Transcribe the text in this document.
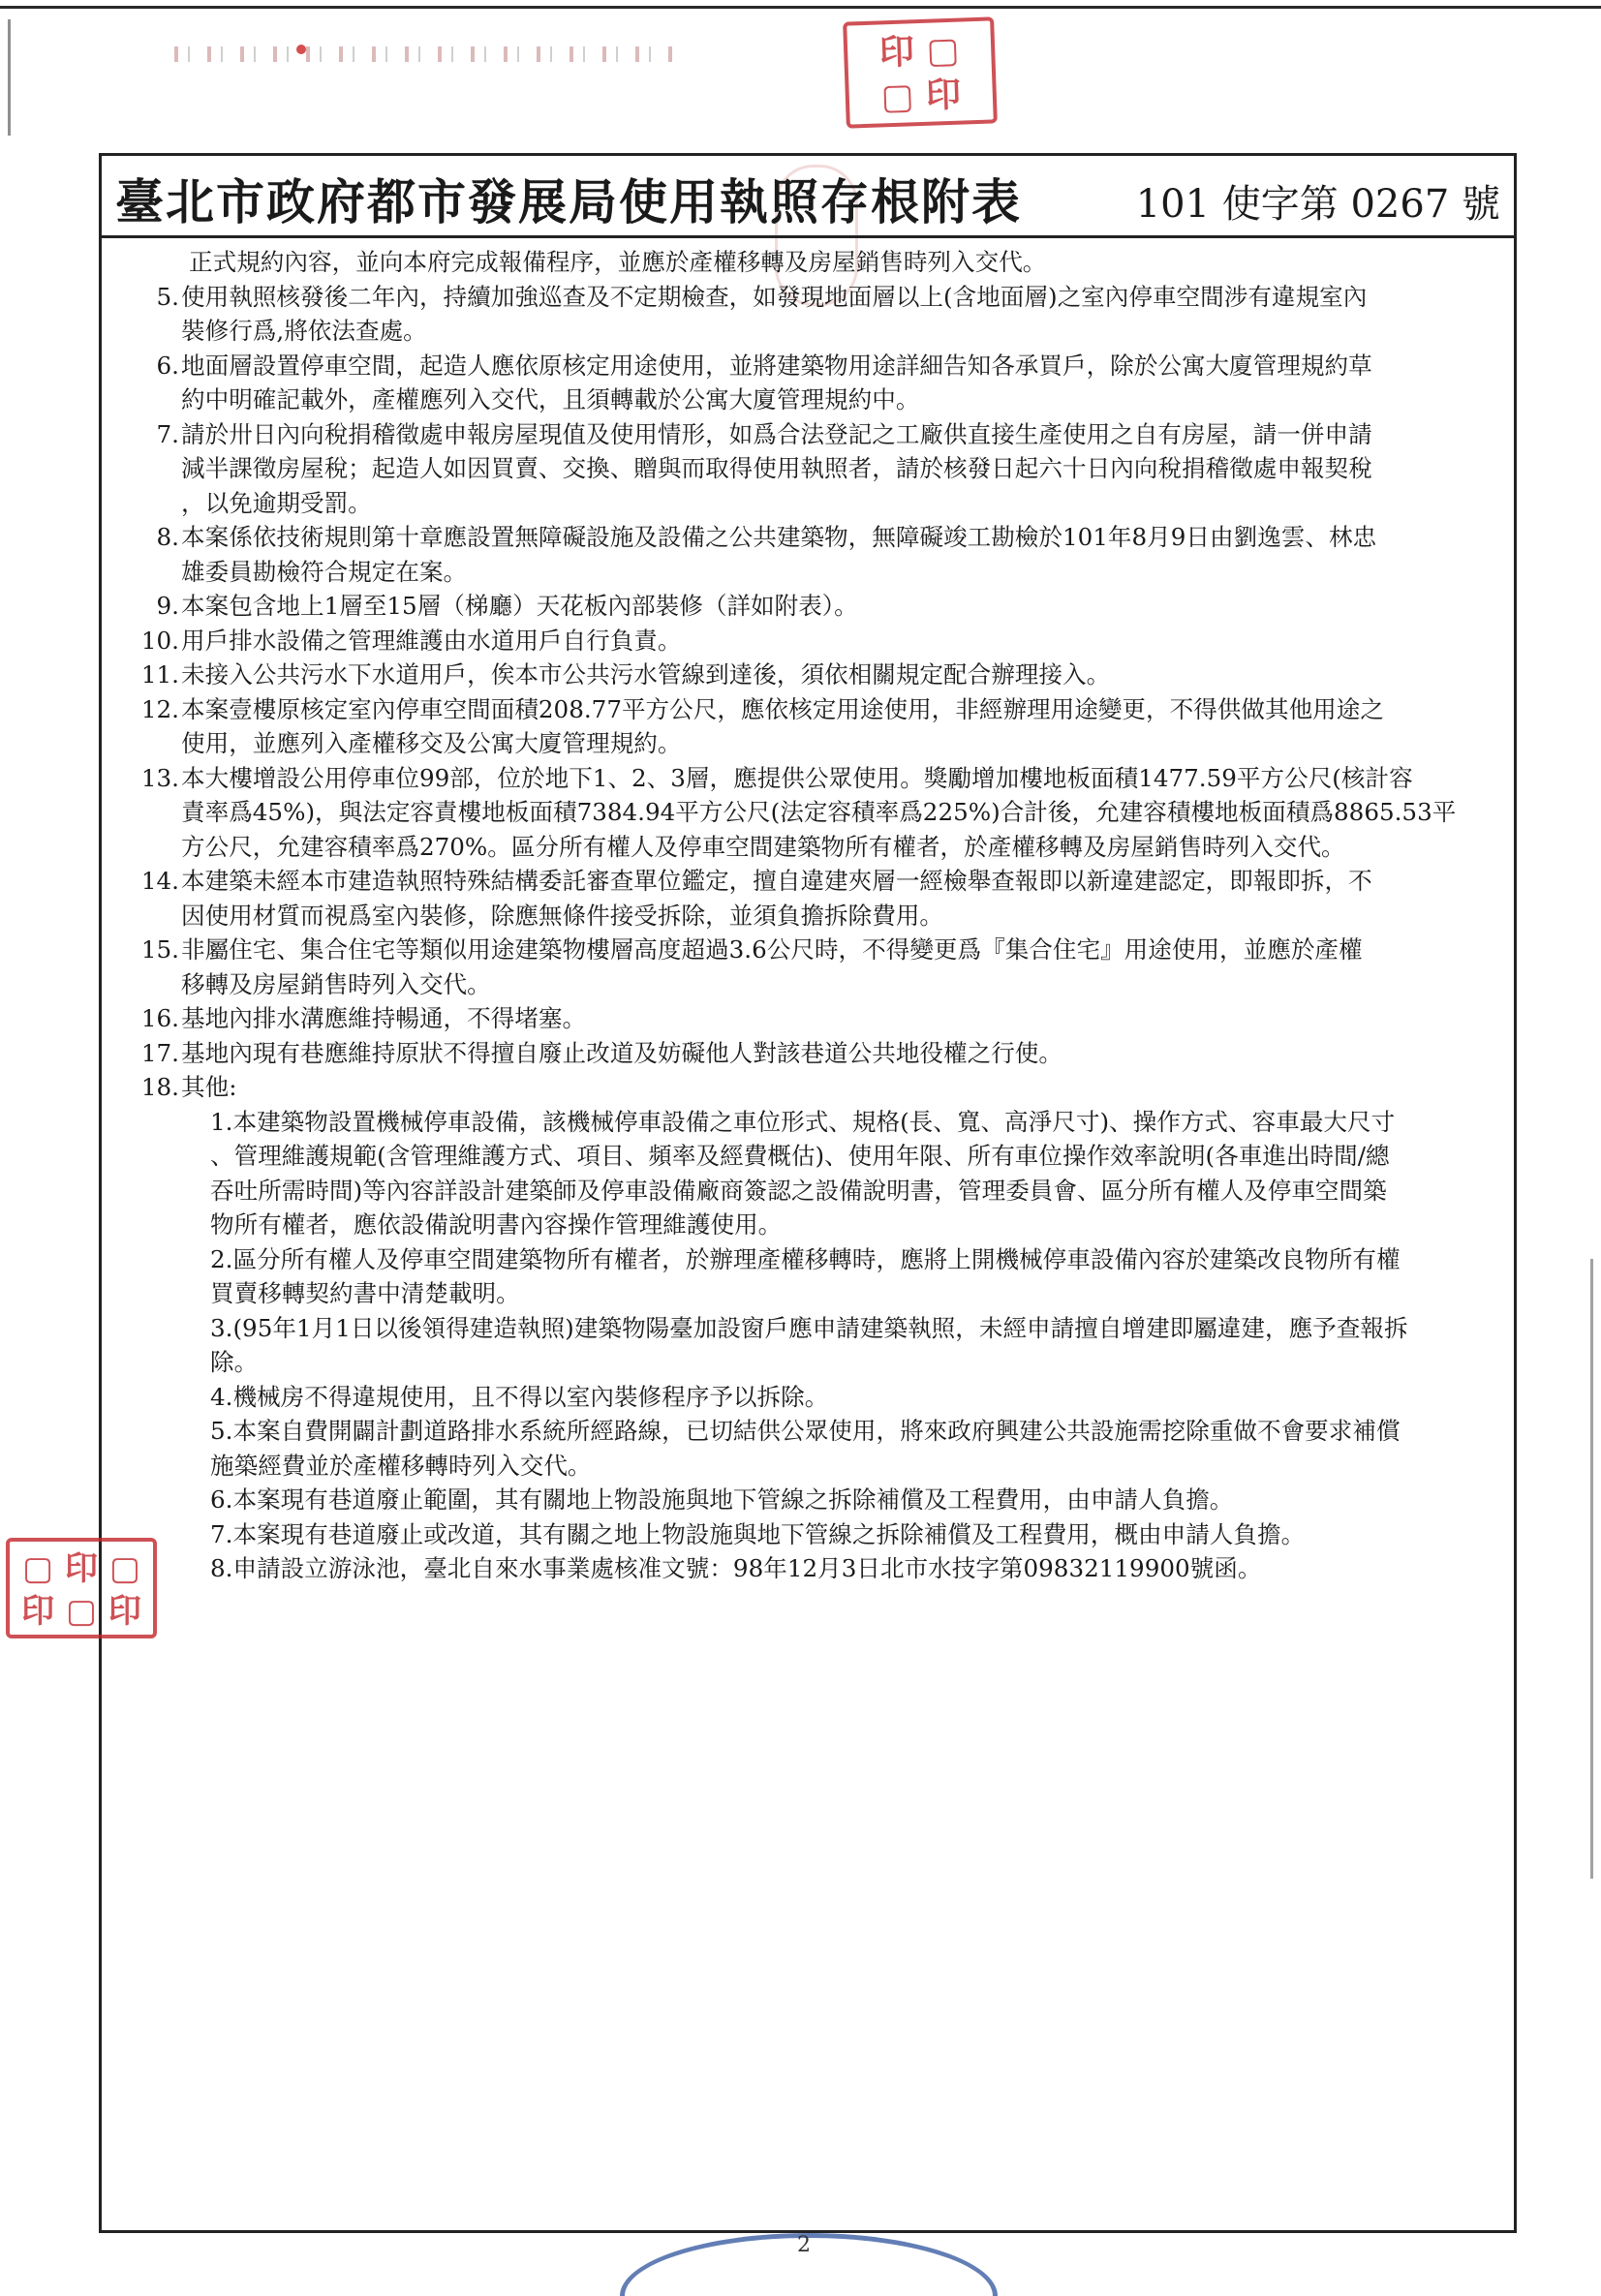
印 ▢
▢ 印
臺北市政府都市發展局使用執照存根附表	101 使字第 0267 號
正式規約內容，並向本府完成報備程序，並應於產權移轉及房屋銷售時列入交代。
5. 使用執照核發後二年內，持續加強巡查及不定期檢查，如發現地面層以上(含地面層)之室內停車空間涉有違規室內
裝修行爲,將依法查處。
6. 地面層設置停車空間，起造人應依原核定用途使用，並將建築物用途詳細告知各承買戶，除於公寓大廈管理規約草
約中明確記載外，產權應列入交代，且須轉載於公寓大廈管理規約中。
7. 請於卅日內向稅捐稽徵處申報房屋現值及使用情形，如爲合法登記之工廠供直接生產使用之自有房屋，請一併申請
減半課徵房屋稅；起造人如因買賣、交換、贈與而取得使用執照者，請於核發日起六十日內向稅捐稽徵處申報契稅
，以免逾期受罰。
8. 本案係依技術規則第十章應設置無障礙設施及設備之公共建築物，無障礙竣工勘檢於101年8月9日由劉逸雲、林忠
雄委員勘檢符合規定在案。
9. 本案包含地上1層至15層（梯廳）天花板內部裝修（詳如附表）。
10. 用戶排水設備之管理維護由水道用戶自行負責。
11. 未接入公共污水下水道用戶，俟本市公共污水管線到達後，須依相關規定配合辦理接入。
12. 本案壹樓原核定室內停車空間面積208.77平方公尺，應依核定用途使用，非經辦理用途變更，不得供做其他用途之
使用，並應列入產權移交及公寓大廈管理規約。
13. 本大樓增設公用停車位99部，位於地下1、2、3層，應提供公眾使用。獎勵增加樓地板面積1477.59平方公尺(核計容
責率爲45%)，與法定容責樓地板面積7384.94平方公尺(法定容積率爲225%)合計後，允建容積樓地板面積爲8865.53平
方公尺，允建容積率爲270%。區分所有權人及停車空間建築物所有權者，於產權移轉及房屋銷售時列入交代。
14. 本建築未經本市建造執照特殊結構委託審查單位鑑定，擅自違建夾層一經檢舉查報即以新違建認定，即報即拆，不
因使用材質而視爲室內裝修，除應無條件接受拆除，並須負擔拆除費用。
15. 非屬住宅、集合住宅等類似用途建築物樓層高度超過3.6公尺時，不得變更爲『集合住宅』用途使用，並應於產權
移轉及房屋銷售時列入交代。
16. 基地內排水溝應維持暢通，不得堵塞。
17. 基地內現有巷應維持原狀不得擅自廢止改道及妨礙他人對該巷道公共地役權之行使。
18. 其他:
1.本建築物設置機械停車設備，該機械停車設備之車位形式、規格(長、寬、高淨尺寸)、操作方式、容車最大尺寸
、管理維護規範(含管理維護方式、項目、頻率及經費概估)、使用年限、所有車位操作效率說明(各車進出時間/總
吞吐所需時間)等內容詳設計建築師及停車設備廠商簽認之設備說明書，管理委員會、區分所有權人及停車空間築
物所有權者，應依設備說明書內容操作管理維護使用。
2.區分所有權人及停車空間建築物所有權者，於辦理產權移轉時，應將上開機械停車設備內容於建築改良物所有權
買賣移轉契約書中清楚載明。
3.(95年1月1日以後領得建造執照)建築物陽臺加設窗戶應申請建築執照，未經申請擅自增建即屬違建，應予查報拆
除。
4.機械房不得違規使用，且不得以室內裝修程序予以拆除。
5.本案自費開闢計劃道路排水系統所經路線，已切結供公眾使用，將來政府興建公共設施需挖除重做不會要求補償
施築經費並於產權移轉時列入交代。
6.本案現有巷道廢止範圍，其有關地上物設施與地下管線之拆除補償及工程費用，由申請人負擔。
7.本案現有巷道廢止或改道，其有關之地上物設施與地下管線之拆除補償及工程費用，概由申請人負擔。
8.申請設立游泳池，臺北自來水事業處核准文號：98年12月3日北市水技字第09832119900號函。
▢ 印 ▢
印 ▢ 印
2
